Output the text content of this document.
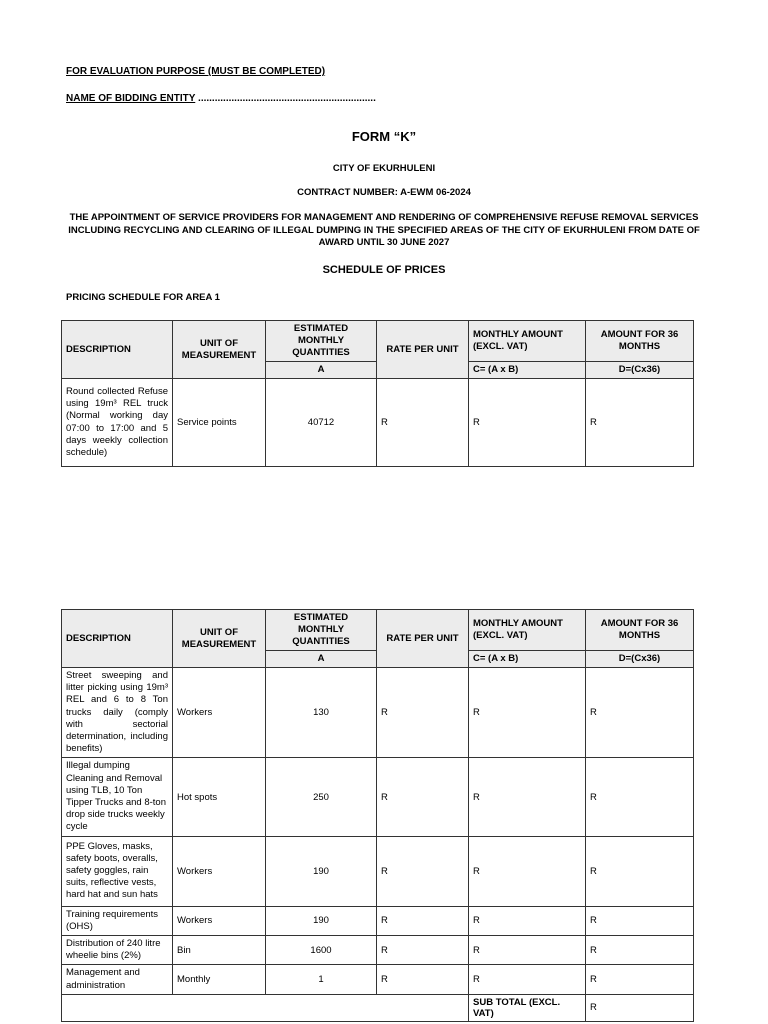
FOR EVALUATION PURPOSE (MUST BE COMPLETED)
NAME OF BIDDING ENTITY ................................................................
FORM “K”
CITY OF EKURHULENI
CONTRACT NUMBER: A-EWM 06-2024
THE APPOINTMENT OF SERVICE PROVIDERS FOR MANAGEMENT AND RENDERING OF COMPREHENSIVE REFUSE REMOVAL SERVICES INCLUDING RECYCLING AND CLEARING OF ILLEGAL DUMPING IN THE SPECIFIED AREAS OF THE CITY OF EKURHULENI FROM DATE OF AWARD UNTIL 30 JUNE 2027
SCHEDULE OF PRICES
PRICING SCHEDULE FOR AREA 1
DESCRIPTION	UNIT OF MEASUREMENT	ESTIMATED MONTHLY QUANTITIES	RATE PER UNIT	MONTHLY AMOUNT (EXCL. VAT)	AMOUNT FOR 36 MONTHS
		A		C= (A x B)	D=(Cx36)
Round collected Refuse using 19m³ REL truck (Normal working day 07:00 to 17:00 and 5 days weekly collection schedule)	Service points	40712	R	R	R
DESCRIPTION	UNIT OF MEASUREMENT	ESTIMATED MONTHLY QUANTITIES	RATE PER UNIT	MONTHLY AMOUNT (EXCL. VAT)	AMOUNT FOR 36 MONTHS
		A		C= (A x B)	D=(Cx36)
Street sweeping and litter picking using 19m³ REL and 6 to 8 Ton trucks daily (comply with sectorial determination, including benefits)	Workers	130	R	R	R
Illegal dumping Cleaning and Removal using TLB, 10 Ton Tipper Trucks and 8-ton drop side trucks weekly cycle	Hot spots	250	R	R	R
PPE Gloves, masks, safety boots, overalls, safety goggles, rain suits, reflective vests, hard hat and sun hats	Workers	190	R	R	R
Training requirements (OHS)	Workers	190	R	R	R
Distribution of 240 litre wheelie bins (2%)	Bin	1600	R	R	R
Management and administration	Monthly	1	R	R	R
				SUB TOTAL (EXCL. VAT)	R
